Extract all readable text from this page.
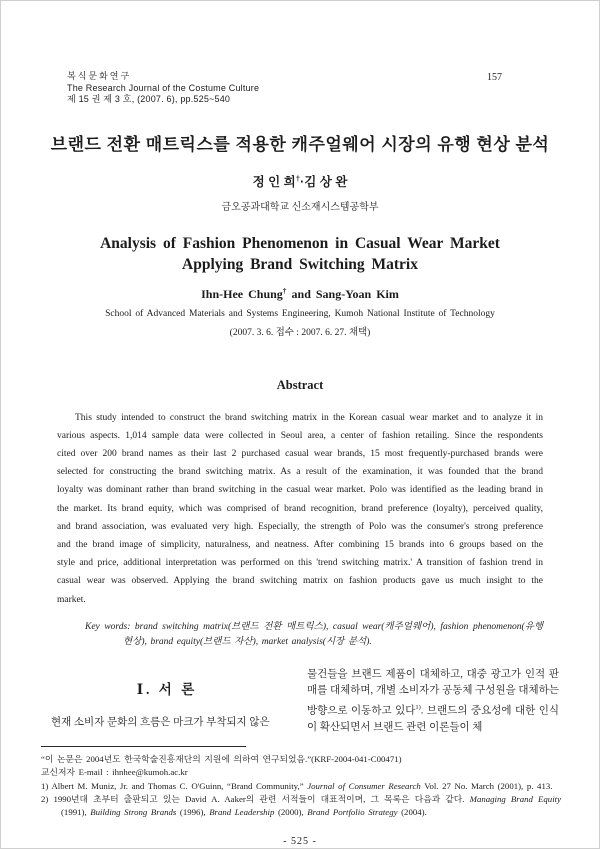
복식문화연구
The Research Journal of the Costume Culture
제 15 권 제 3 호, (2007. 6), pp.525~540
157
브랜드 전환 매트릭스를 적용한 캐주얼웨어 시장의 유행 현상 분석
정 인 희†·김 상 완
금오공과대학교 신소재시스템공학부
Analysis of Fashion Phenomenon in Casual Wear Market
Applying Brand Switching Matrix
Ihn-Hee Chung† and Sang-Yoan Kim
School of Advanced Materials and Systems Engineering, Kumoh National Institute of Technology
(2007. 3. 6. 접수 : 2007. 6. 27. 채택)
Abstract
This study intended to construct the brand switching matrix in the Korean casual wear market and to analyze it in various aspects. 1,014 sample data were collected in Seoul area, a center of fashion retailing. Since the respondents cited over 200 brand names as their last 2 purchased casual wear brands, 15 most frequently-purchased brands were selected for constructing the brand switching matrix. As a result of the examination, it was founded that the brand loyalty was dominant rather than brand switching in the casual wear market. Polo was identified as the leading brand in the market. Its brand equity, which was comprised of brand recognition, brand preference (loyalty), perceived quality, and brand association, was evaluated very high. Especially, the strength of Polo was the consumer's strong preference and the brand image of simplicity, naturalness, and neatness. After combining 15 brands into 6 groups based on the style and price, additional interpretation was performed on this 'trend switching matrix.' A transition of fashion trend in casual wear was observed. Applying the brand switching matrix on fashion products gave us much insight to the market.
Key words: brand switching matrix(브랜드 전환 매트릭스), casual wear(캐주얼웨어), fashion phenomenon(유행 현상), brand equity(브랜드 자산), market analysis(시장 분석).
Ⅰ. 서 론
현재 소비자 문화의 흐름은 마크가 부착되지 않은
물건들을 브랜드 제품이 대체하고, 대중 광고가 인적 판매를 대체하며, 개별 소비자가 공동체 구성원을 대체하는 방향으로 이동하고 있다$^{1)}$. 브랜드의 중요성에 대한 인식이 확산되면서 브랜드 관련 이론들이 체

“이 논문은 2004년도 한국학술진흥재단의 지원에 의하여 연구되었음.”(KRF-2004-041-C00471)

교신저자 E-mail : ihnhee@kumoh.ac.kr

1) Albert M. Muniz, Jr. and Thomas C. O'Guinn, “Brand Community,” Journal of Consumer Research Vol. 27 No. March (2001), p. 413.

2) 1990년대 초부터 출판되고 있는 David A. Aaker의 관련 서적들이 대표적이며, 그 목록은 다음과 같다. Managing Brand Equity (1991), Building Strong Brands (1996), Brand Leadership (2000), Brand Portfolio Strategy (2004).

- 525 -
